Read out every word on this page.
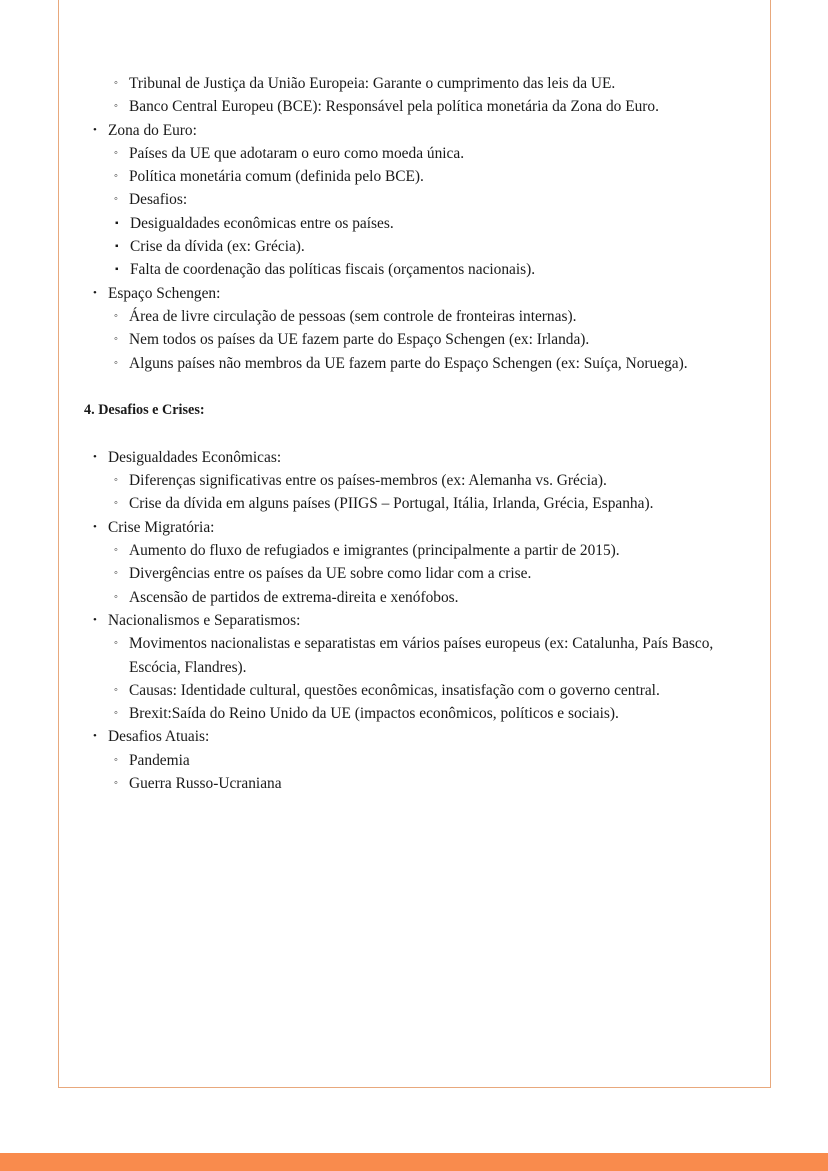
◦ Tribunal de Justiça da União Europeia: Garante o cumprimento das leis da UE.
◦ Banco Central Europeu (BCE): Responsável pela política monetária da Zona do Euro.
• Zona do Euro:
◦ Países da UE que adotaram o euro como moeda única.
◦ Política monetária comum (definida pelo BCE).
◦ Desafios:
▪ Desigualdades econômicas entre os países.
▪ Crise da dívida (ex: Grécia).
▪ Falta de coordenação das políticas fiscais (orçamentos nacionais).
• Espaço Schengen:
◦ Área de livre circulação de pessoas (sem controle de fronteiras internas).
◦ Nem todos os países da UE fazem parte do Espaço Schengen (ex: Irlanda).
◦ Alguns países não membros da UE fazem parte do Espaço Schengen (ex: Suíça, Noruega).

4. Desafios e Crises:

• Desigualdades Econômicas:
◦ Diferenças significativas entre os países-membros (ex: Alemanha vs. Grécia).
◦ Crise da dívida em alguns países (PIIGS – Portugal, Itália, Irlanda, Grécia, Espanha).
• Crise Migratória:
◦ Aumento do fluxo de refugiados e imigrantes (principalmente a partir de 2015).
◦ Divergências entre os países da UE sobre como lidar com a crise.
◦ Ascensão de partidos de extrema-direita e xenófobos.
• Nacionalismos e Separatismos:
◦ Movimentos nacionalistas e separatistas em vários países europeus (ex: Catalunha, País Basco, Escócia, Flandres).
◦ Causas: Identidade cultural, questões econômicas, insatisfação com o governo central.
◦ Brexit:Saída do Reino Unido da UE (impactos econômicos, políticos e sociais).
• Desafios Atuais:
◦ Pandemia
◦ Guerra Russo-Ucraniana
